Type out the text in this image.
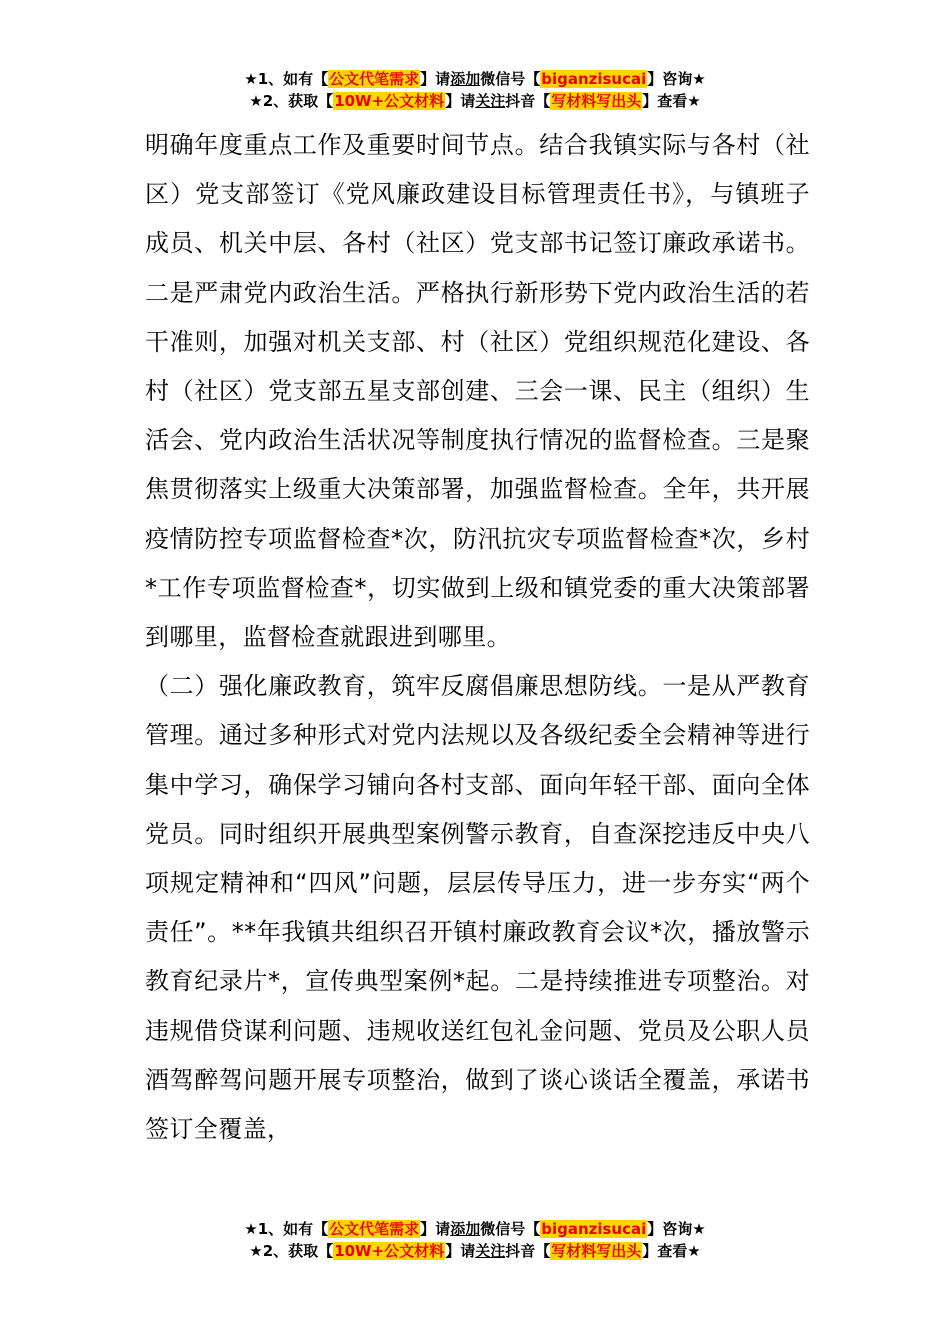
★1、如有【公文代笔需求】请添加微信号【biganzisucai】咨询★
★2、获取【10W+公文材料】请关注抖音【写材料写出头】查看★

明确年度重点工作及重要时间节点。结合我镇实际与各村（社区）党支部签订《党风廉政建设目标管理责任书》，与镇班子成员、机关中层、各村（社区）党支部书记签订廉政承诺书。二是严肃党内政治生活。严格执行新形势下党内政治生活的若干准则，加强对机关支部、村（社区）党组织规范化建设、各村（社区）党支部五星支部创建、三会一课、民主（组织）生活会、党内政治生活状况等制度执行情况的监督检查。三是聚焦贯彻落实上级重大决策部署，加强监督检查。全年，共开展疫情防控专项监督检查*次，防汛抗灾专项监督检查*次，乡村*工作专项监督检查*，切实做到上级和镇党委的重大决策部署到哪里，监督检查就跟进到哪里。

（二）强化廉政教育，筑牢反腐倡廉思想防线。一是从严教育管理。通过多种形式对党内法规以及各级纪委全会精神等进行集中学习，确保学习铺向各村支部、面向年轻干部、面向全体党员。同时组织开展典型案例警示教育，自查深挖违反中央八项规定精神和“四风”问题，层层传导压力，进一步夯实“两个责任”。**年我镇共组织召开镇村廉政教育会议*次，播放警示教育纪录片*，宣传典型案例*起。二是持续推进专项整治。对违规借贷谋利问题、违规收送红包礼金问题、党员及公职人员酒驾醉驾问题开展专项整治，做到了谈心谈话全覆盖，承诺书签订全覆盖，

★1、如有【公文代笔需求】请添加微信号【biganzisucai】咨询★
★2、获取【10W+公文材料】请关注抖音【写材料写出头】查看★
